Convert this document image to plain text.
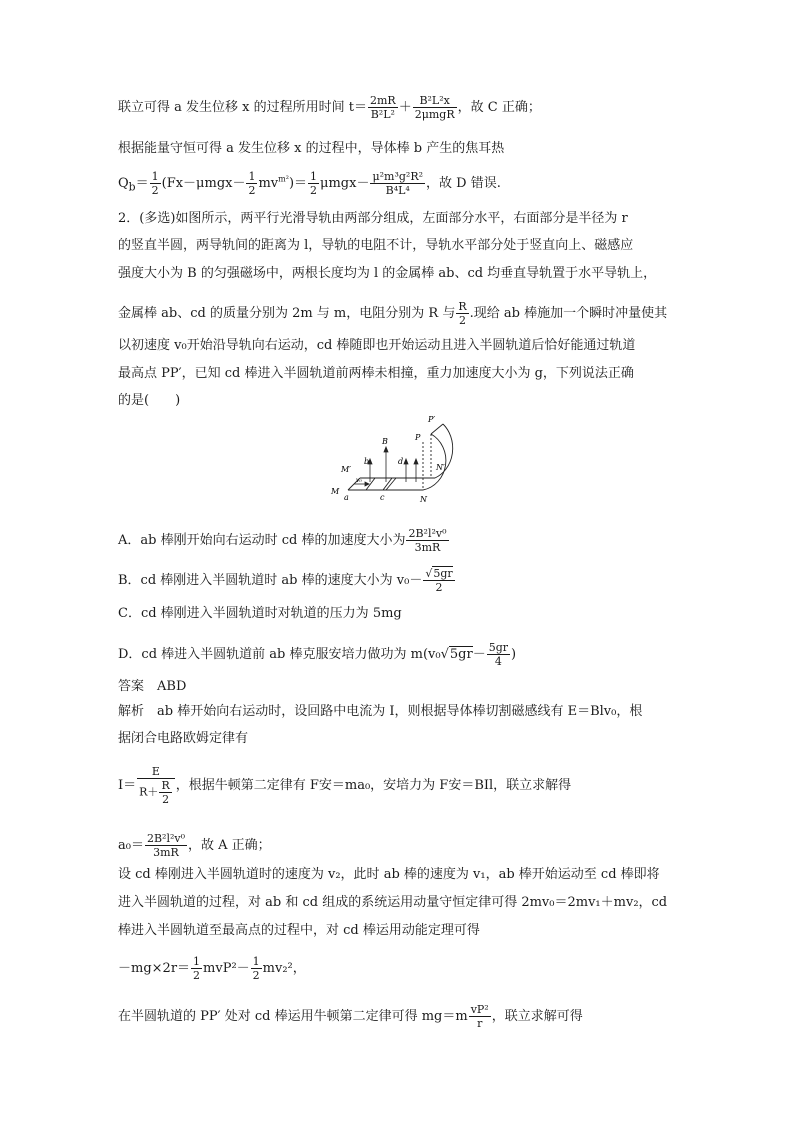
联立可得 a 发生位移 x 的过程所用时间 $t= \frac{2mR}{\text{B²L²}} + \frac{\text{B²L²x}}{\text{2μmgR}}$ ，故 C 正确；
根据能量守恒可得 a 发生位移 x 的过程中，导体棒 b 产生的焦耳热
$Q_b= \frac{1}{2} (Fx-\mu mgx- \frac{1}{2} mv^{m^2})= \frac{1}{2} \mu mgx- \frac{\text{μ²m³g²R²}}{\text{B⁴L⁴}}$ ，故 D 错误.
2．(多选)如图所示，两平行光滑导轨由两部分组成，左面部分水平，右面部分是半径为 r
的竖直半圆，两导轨间的距离为 l，导轨的电阻不计，导轨水平部分处于竖直向上、磁感应
强度大小为 B 的匀强磁场中，两根长度均为 l 的金属棒 ab、cd 均垂直导轨置于水平导轨上，
金属棒 ab、cd 的质量分别为 2m 与 m，电阻分别为 R 与 $\frac{R}{2}$ .现给 ab 棒施加一个瞬时冲量使其
以初速度 v₀开始沿导轨向右运动，cd 棒随即也开始运动且进入半圆轨道后恰好能通过轨道
最高点 PP′，已知 cd 棒进入半圆轨道前两棒未相撞，重力加速度大小为 g，下列说法正确
的是(　　)
P′
P
B
b	d
M′
M
a	c
N′
N
v₀
A．ab 棒刚开始向右运动时 cd 棒的加速度大小为 $\frac{\text{2B²l²v⁰}}{3mR}$
B．cd 棒刚进入半圆轨道时 ab 棒的速度大小为 $v_0- \frac{√5gr}{2}$
C．cd 棒刚进入半圆轨道时对轨道的压力为 5mg
D．cd 棒进入半圆轨道前 ab 棒克服安培力做功为 $m(v_0√5gr- \frac{5gr}{4}$ )
答案　 ABD
解析　ab 棒开始向右运动时，设回路中电流为 I，则根据导体棒切割磁感线有 E＝Blv₀，根
据闭合电路欧姆定律有
$I= \frac{E}{R+ \frac{R}{2}}$ ，根据牛顿第二定律有 F安＝ma₀，安培力为 F安＝BIl，联立求解得
$a_0= \frac{\text{2B²l²v⁰}}{3mR}$ ，故 A 正确；
设 cd 棒刚进入半圆轨道时的速度为 v₂，此时 ab 棒的速度为 v₁，ab 棒开始运动至 cd 棒即将
进入半圆轨道的过程，对 ab 和 cd 组成的系统运用动量守恒定律可得 2mv₀＝2mv₁＋mv₂，cd
棒进入半圆轨道至最高点的过程中，对 cd 棒运用动能定理可得
$-mg\times 2r= \frac{1}{2} mvP^2- \frac{1}{2} mv_2^2$，
在半圆轨道的 PP′ 处对 cd 棒运用牛顿第二定律可得 $mg=m \frac{\text{vP²}}{r}$ ，联立求解可得
